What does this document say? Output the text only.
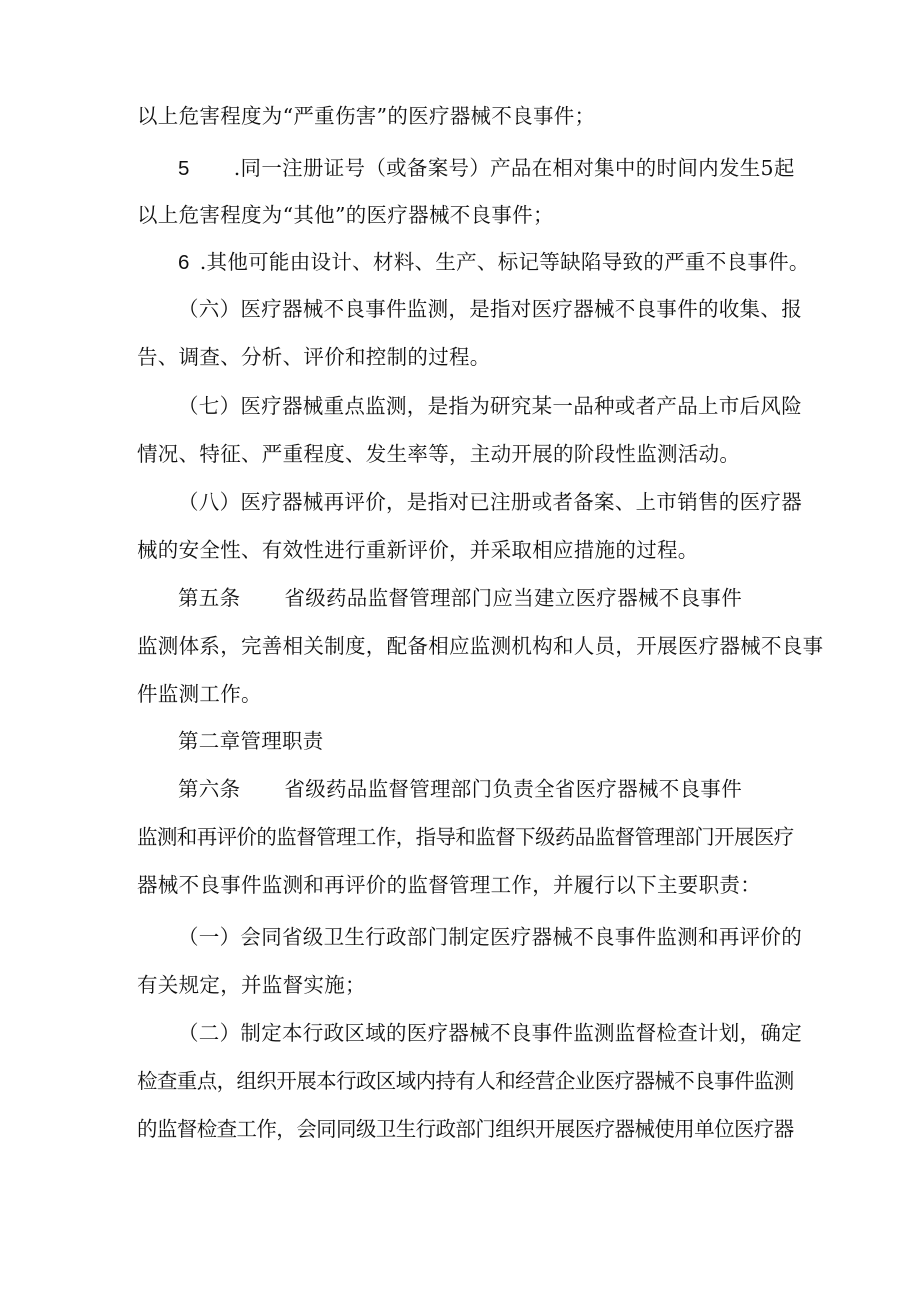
以上危害程度为“严重伤害”的医疗器械不良事件；
5 .同一注册证号（或备案号）产品在相对集中的时间内发生5起
以上危害程度为“其他”的医疗器械不良事件；
6 .其他可能由设计、材料、生产、标记等缺陷导致的严重不良事件。
（六）医疗器械不良事件监测，是指对医疗器械不良事件的收集、报
告、调查、分析、评价和控制的过程。
（七）医疗器械重点监测，是指为研究某一品种或者产品上市后风险
情况、特征、严重程度、发生率等，主动开展的阶段性监测活动。
（八）医疗器械再评价，是指对已注册或者备案、上市销售的医疗器
械的安全性、有效性进行重新评价，并采取相应措施的过程。
第五条 省级药品监督管理部门应当建立医疗器械不良事件
监测体系，完善相关制度，配备相应监测机构和人员，开展医疗器械不良事
件监测工作。
第二章管理职责
第六条 省级药品监督管理部门负责全省医疗器械不良事件
监测和再评价的监督管理工作，指导和监督下级药品监督管理部门开展医疗
器械不良事件监测和再评价的监督管理工作，并履行以下主要职责：
（一）会同省级卫生行政部门制定医疗器械不良事件监测和再评价的
有关规定，并监督实施；
（二）制定本行政区域的医疗器械不良事件监测监督检查计划，确定
检查重点，组织开展本行政区域内持有人和经营企业医疗器械不良事件监测
的监督检查工作，会同同级卫生行政部门组织开展医疗器械使用单位医疗器
